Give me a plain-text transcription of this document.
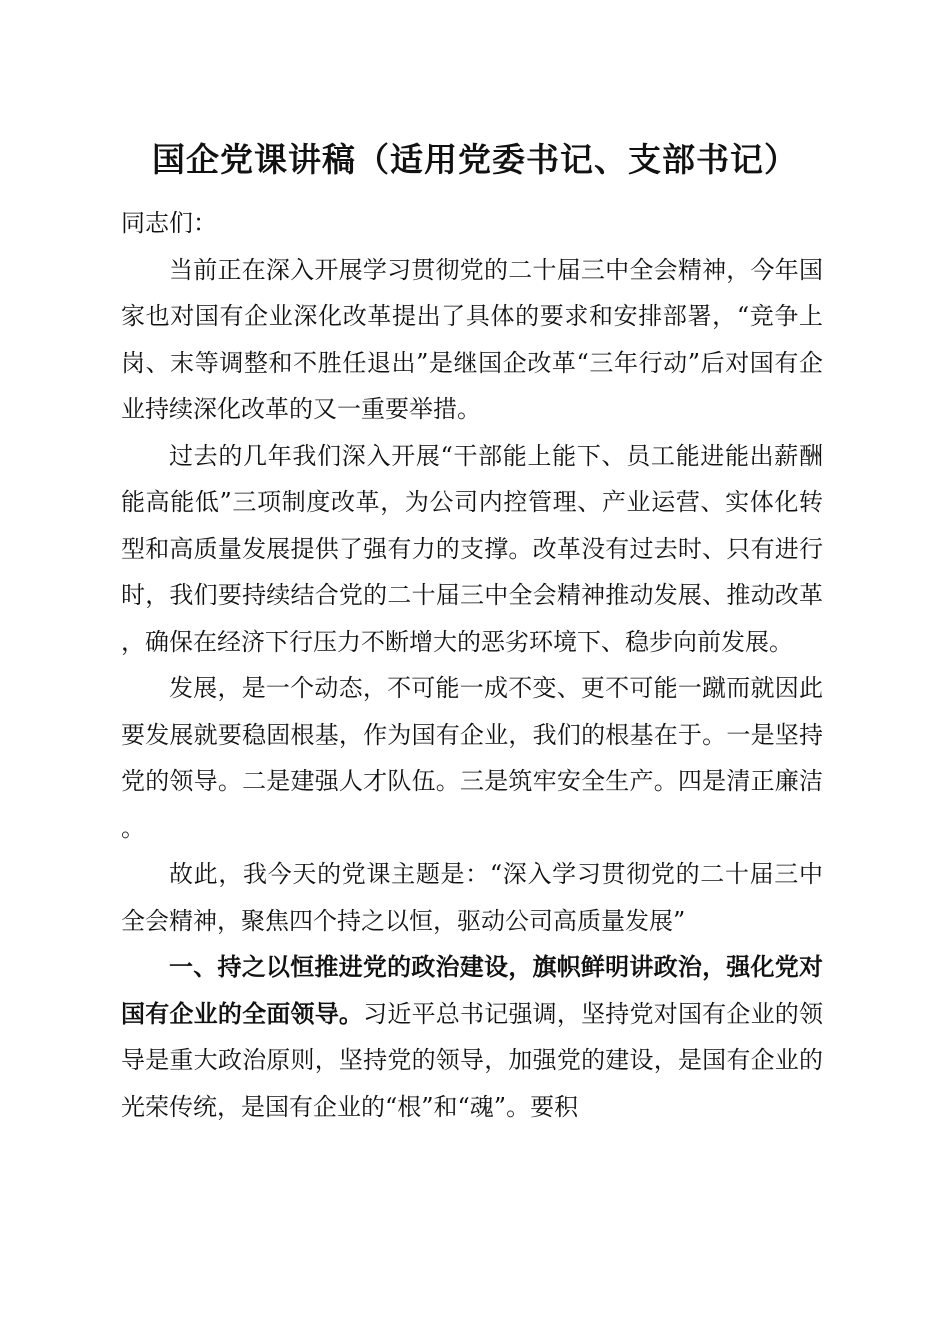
国企党课讲稿（适用党委书记、支部书记）

同志们：

当前正在深入开展学习贯彻党的二十届三中全会精神，今年国家也对国有企业深化改革提出了具体的要求和安排部署，“竞争上岗、末等调整和不胜任退出”是继国企改革“三年行动”后对国有企业持续深化改革的又一重要举措。

过去的几年我们深入开展“干部能上能下、员工能进能出薪酬能高能低”三项制度改革，为公司内控管理、产业运营、实体化转型和高质量发展提供了强有力的支撑。改革没有过去时、只有进行时，我们要持续结合党的二十届三中全会精神推动发展、推动改革，确保在经济下行压力不断增大的恶劣环境下、稳步向前发展。

发展，是一个动态，不可能一成不变、更不可能一蹴而就因此要发展就要稳固根基，作为国有企业，我们的根基在于。一是坚持党的领导。二是建强人才队伍。三是筑牢安全生产。四是清正廉洁。

故此，我今天的党课主题是：“深入学习贯彻党的二十届三中全会精神，聚焦四个持之以恒，驱动公司高质量发展”

一、持之以恒推进党的政治建设，旗帜鲜明讲政治，强化党对国有企业的全面领导。习近平总书记强调，坚持党对国有企业的领导是重大政治原则，坚持党的领导，加强党的建设，是国有企业的光荣传统，是国有企业的“根”和“魂”。要积
